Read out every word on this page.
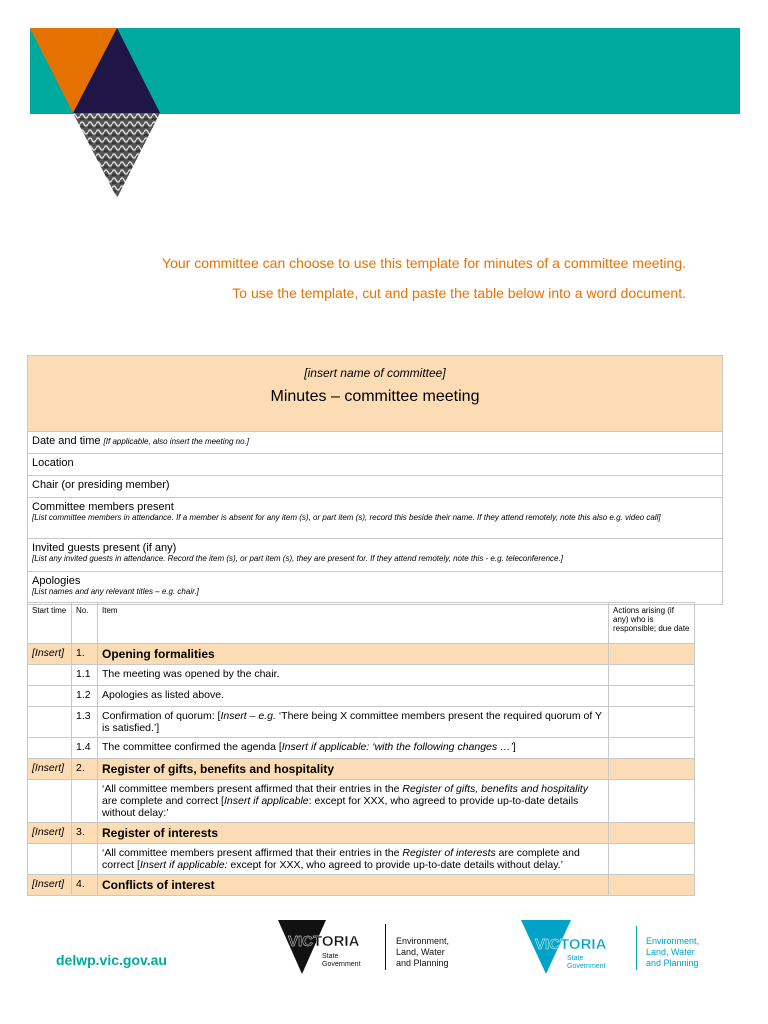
Your committee can choose to use this template for minutes of a committee meeting.
To use the template, cut and paste the table below into a word document.
[insert name of committee]
Minutes – committee meeting

Date and time [If applicable, also insert the meeting no.]
Location
Chair (or presiding member)

Committee members present
[List committee members in attendance. If a member is absent for any item (s), or part item (s), record this beside their name. If they attend remotely, note this also e.g. video call]

Invited guests present (if any)
[List any invited guests in attendance. Record the item (s), or part item (s), they are present for. If they attend remotely, note this - e.g. teleconference.]

Apologies
[List names and any relevant titles – e.g. chair.]
Start time	No.	Item	Actions arising (if any) who is responsible; due date
[Insert]	1.	Opening formalities	
	1.1	The meeting was opened by the chair.	
	1.2	Apologies as listed above.	
	1.3	Confirmation of quorum: [Insert – e.g. ‘There being X committee members present the required quorum of Y is satisfied.’]	
	1.4	The committee confirmed the agenda [Insert if applicable: ‘with the following changes …’]	
[Insert]	2.	Register of gifts, benefits and hospitality	
		‘All committee members present affirmed that their entries in the Register of gifts, benefits and hospitality are complete and correct [Insert if applicable: except for XXX, who agreed to provide up-to-date details without delay:’	
[Insert]	3.	Register of interests	
		‘All committee members present affirmed that their entries in the Register of interests are complete and correct [Insert if applicable: except for XXX, who agreed to provide up-to-date details without delay.’	
[Insert]	4.	Conflicts of interest	
delwp.vic.gov.au
VICTORIA
State
Government
Environment,
Land, Water
and Planning
VICTORIA
State
Government
Environment,
Land, Water
and Planning
